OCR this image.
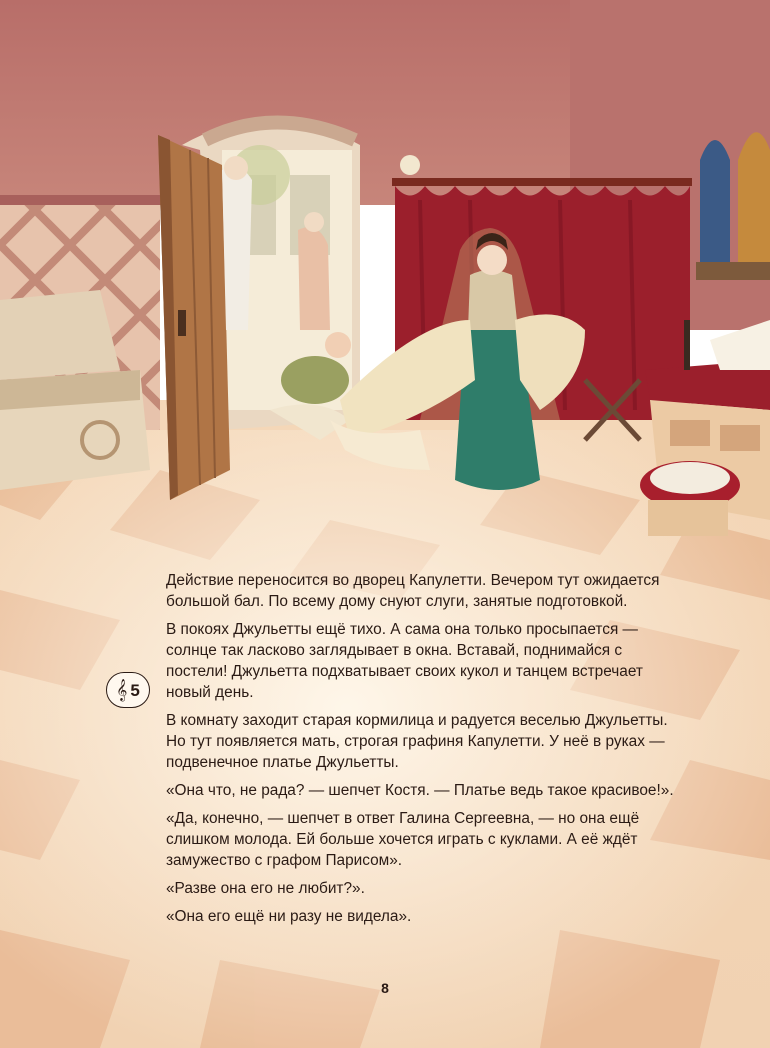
𝄞 5

Действие переносится во дворец Капулетти. Вечером тут ожидается большой бал. По всему дому снуют слуги, занятые подготовкой.

В покоях Джульетты ещё тихо. А сама она только просыпается — солнце так ласково заглядывает в окна. Вставай, поднимайся с постели! Джульетта подхватывает своих кукол и танцем встречает новый день.

В комнату заходит старая кормилица и радуется веселью Джульетты. Но тут появляется мать, строгая графиня Капулетти. У неё в руках — подвенечное платье Джульетты.

«Она что, не рада? — шепчет Костя. — Платье ведь такое красивое!».

«Да, конечно, — шепчет в ответ Галина Сергеевна, — но она ещё слишком молода. Ей больше хочется играть с куклами. А её ждёт замужество с графом Парисом».

«Разве она его не любит?».

«Она его ещё ни разу не видела».

8
